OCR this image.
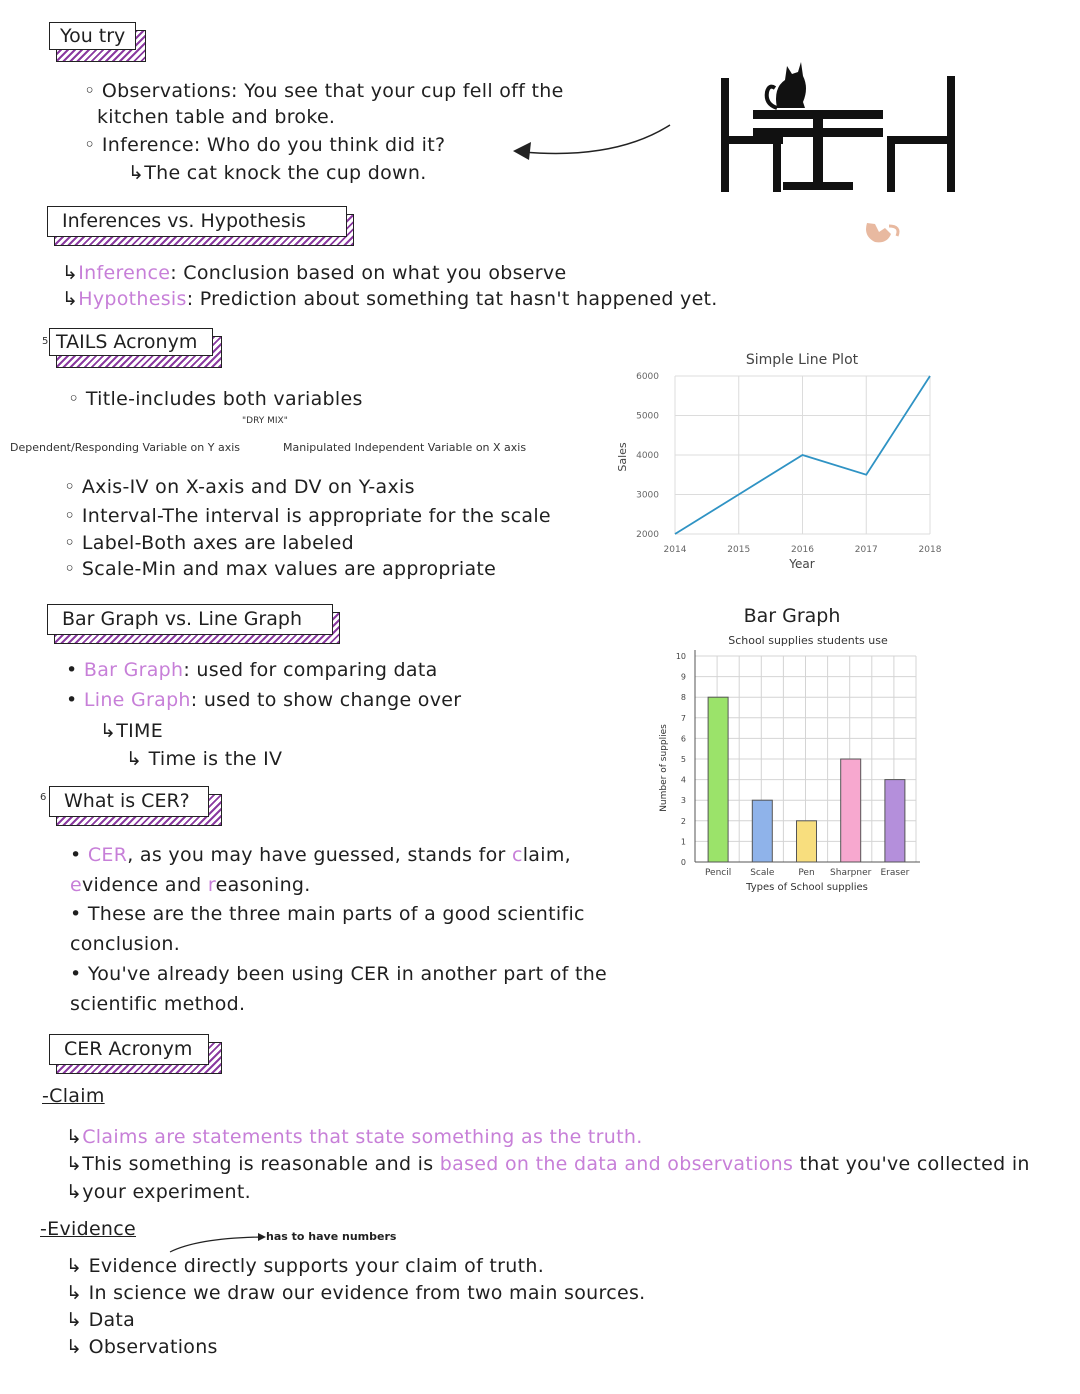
You try
◦ Observations: You see that your cup fell off the
kitchen table and broke.
◦ Inference: Who do you think did it?
↳The cat knock the cup down.
Inferences vs. Hypothesis
↳Inference: Conclusion based on what you observe
↳Hypothesis: Prediction about something tat hasn't happened yet.
5 TAILS Acronym
◦ Title-includes both variables
"DRY MIX"
Dependent/Responding Variable on Y axis	Manipulated Independent Variable on X axis
◦ Axis-IV on X-axis and DV on Y-axis
◦ Interval-The interval is appropriate for the scale
◦ Label-Both axes are labeled
◦ Scale-Min and max values are appropriate
Simple Line Plot
2000
3000
4000
5000
6000
2014	2015	2016	2017	2018
Sales
Year
Bar Graph vs. Line Graph
• Bar Graph: used for comparing data
• Line Graph: used to show change over
↳TIME
↳ Time is the IV
Bar Graph
School supplies students use
0
1
2
3
4
5
6
7
8
9
10
Pencil Scale	Pen Sharpner Eraser
Number of supplies
Types of School supplies
6 What is CER?
• CER, as you may have guessed, stands for claim,
evidence and reasoning.
• These are the three main parts of a good scientific
conclusion.
• You've already been using CER in another part of the
scientific method.
CER Acronym
-Claim
↳Claims are statements that state something as the truth.
↳This something is reasonable and is based on the data and observations that you've collected in
↳your experiment.
-Evidence	has to have numbers
↳ Evidence directly supports your claim of truth.
↳ In science we draw our evidence from two main sources.
↳ Data
↳ Observations
